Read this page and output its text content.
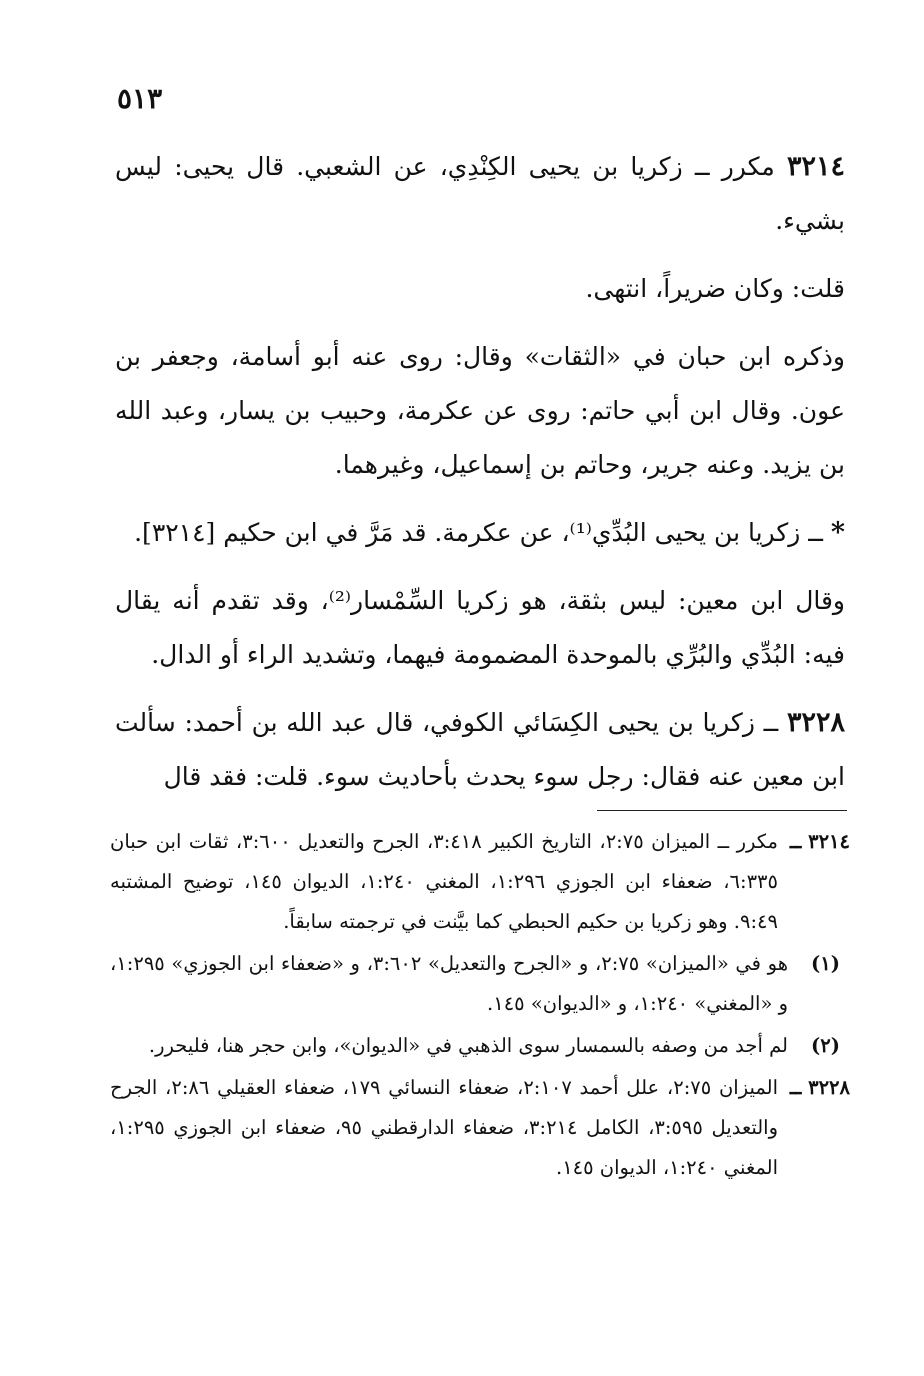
٥١٣

٣٢١٤ مكرر ــ زكريا بن يحيى الكِنْدِي، عن الشعبي. قال يحيى: ليس بشيء.

قلت: وكان ضريراً، انتهى.

وذكره ابن حبان في «الثقات» وقال: روى عنه أبو أسامة، وجعفر بن عون. وقال ابن أبي حاتم: روى عن عكرمة، وحبيب بن يسار، وعبد الله بن يزيد. وعنه جرير، وحاتم بن إسماعيل، وغيرهما.

* ــ زكريا بن يحيى البُدِّي⁽¹⁾، عن عكرمة. قد مَرَّ في ابن حكيم [٣٢١٤].

وقال ابن معين: ليس بثقة، هو زكريا السِّمْسار⁽²⁾، وقد تقدم أنه يقال فيه: البُدِّي والبُرِّي بالموحدة المضمومة فيهما، وتشديد الراء أو الدال.

٣٢٢٨ ــ زكريا بن يحيى الكِسَائي الكوفي، قال عبد الله بن أحمد: سألت ابن معين عنه فقال: رجل سوء يحدث بأحاديث سوء. قلت: فقد قال

٣٢١٤ ــ
مكرر ــ الميزان ٢:٧٥، التاريخ الكبير ٣:٤١٨، الجرح والتعديل ٣:٦٠٠، ثقات ابن حبان ٦:٣٣٥، ضعفاء ابن الجوزي ١:٢٩٦، المغني ١:٢٤٠، الديوان ١٤٥، توضيح المشتبه ٩:٤٩. وهو زكريا بن حكيم الحبطي كما بيَّنت في ترجمته سابقاً.
(١)
هو في «الميزان» ٢:٧٥، و «الجرح والتعديل» ٣:٦٠٢، و «ضعفاء ابن الجوزي» ١:٢٩٥، و «المغني» ١:٢٤٠، و «الديوان» ١٤٥.
(٢)
لم أجد من وصفه بالسمسار سوى الذهبي في «الديوان»، وابن حجر هنا، فليحرر.
٣٢٢٨ ــ
الميزان ٢:٧٥، علل أحمد ٢:١٠٧، ضعفاء النسائي ١٧٩، ضعفاء العقيلي ٢:٨٦، الجرح والتعديل ٣:٥٩٥، الكامل ٣:٢١٤، ضعفاء الدارقطني ٩٥، ضعفاء ابن الجوزي ١:٢٩٥، المغني ١:٢٤٠، الديوان ١٤٥.
